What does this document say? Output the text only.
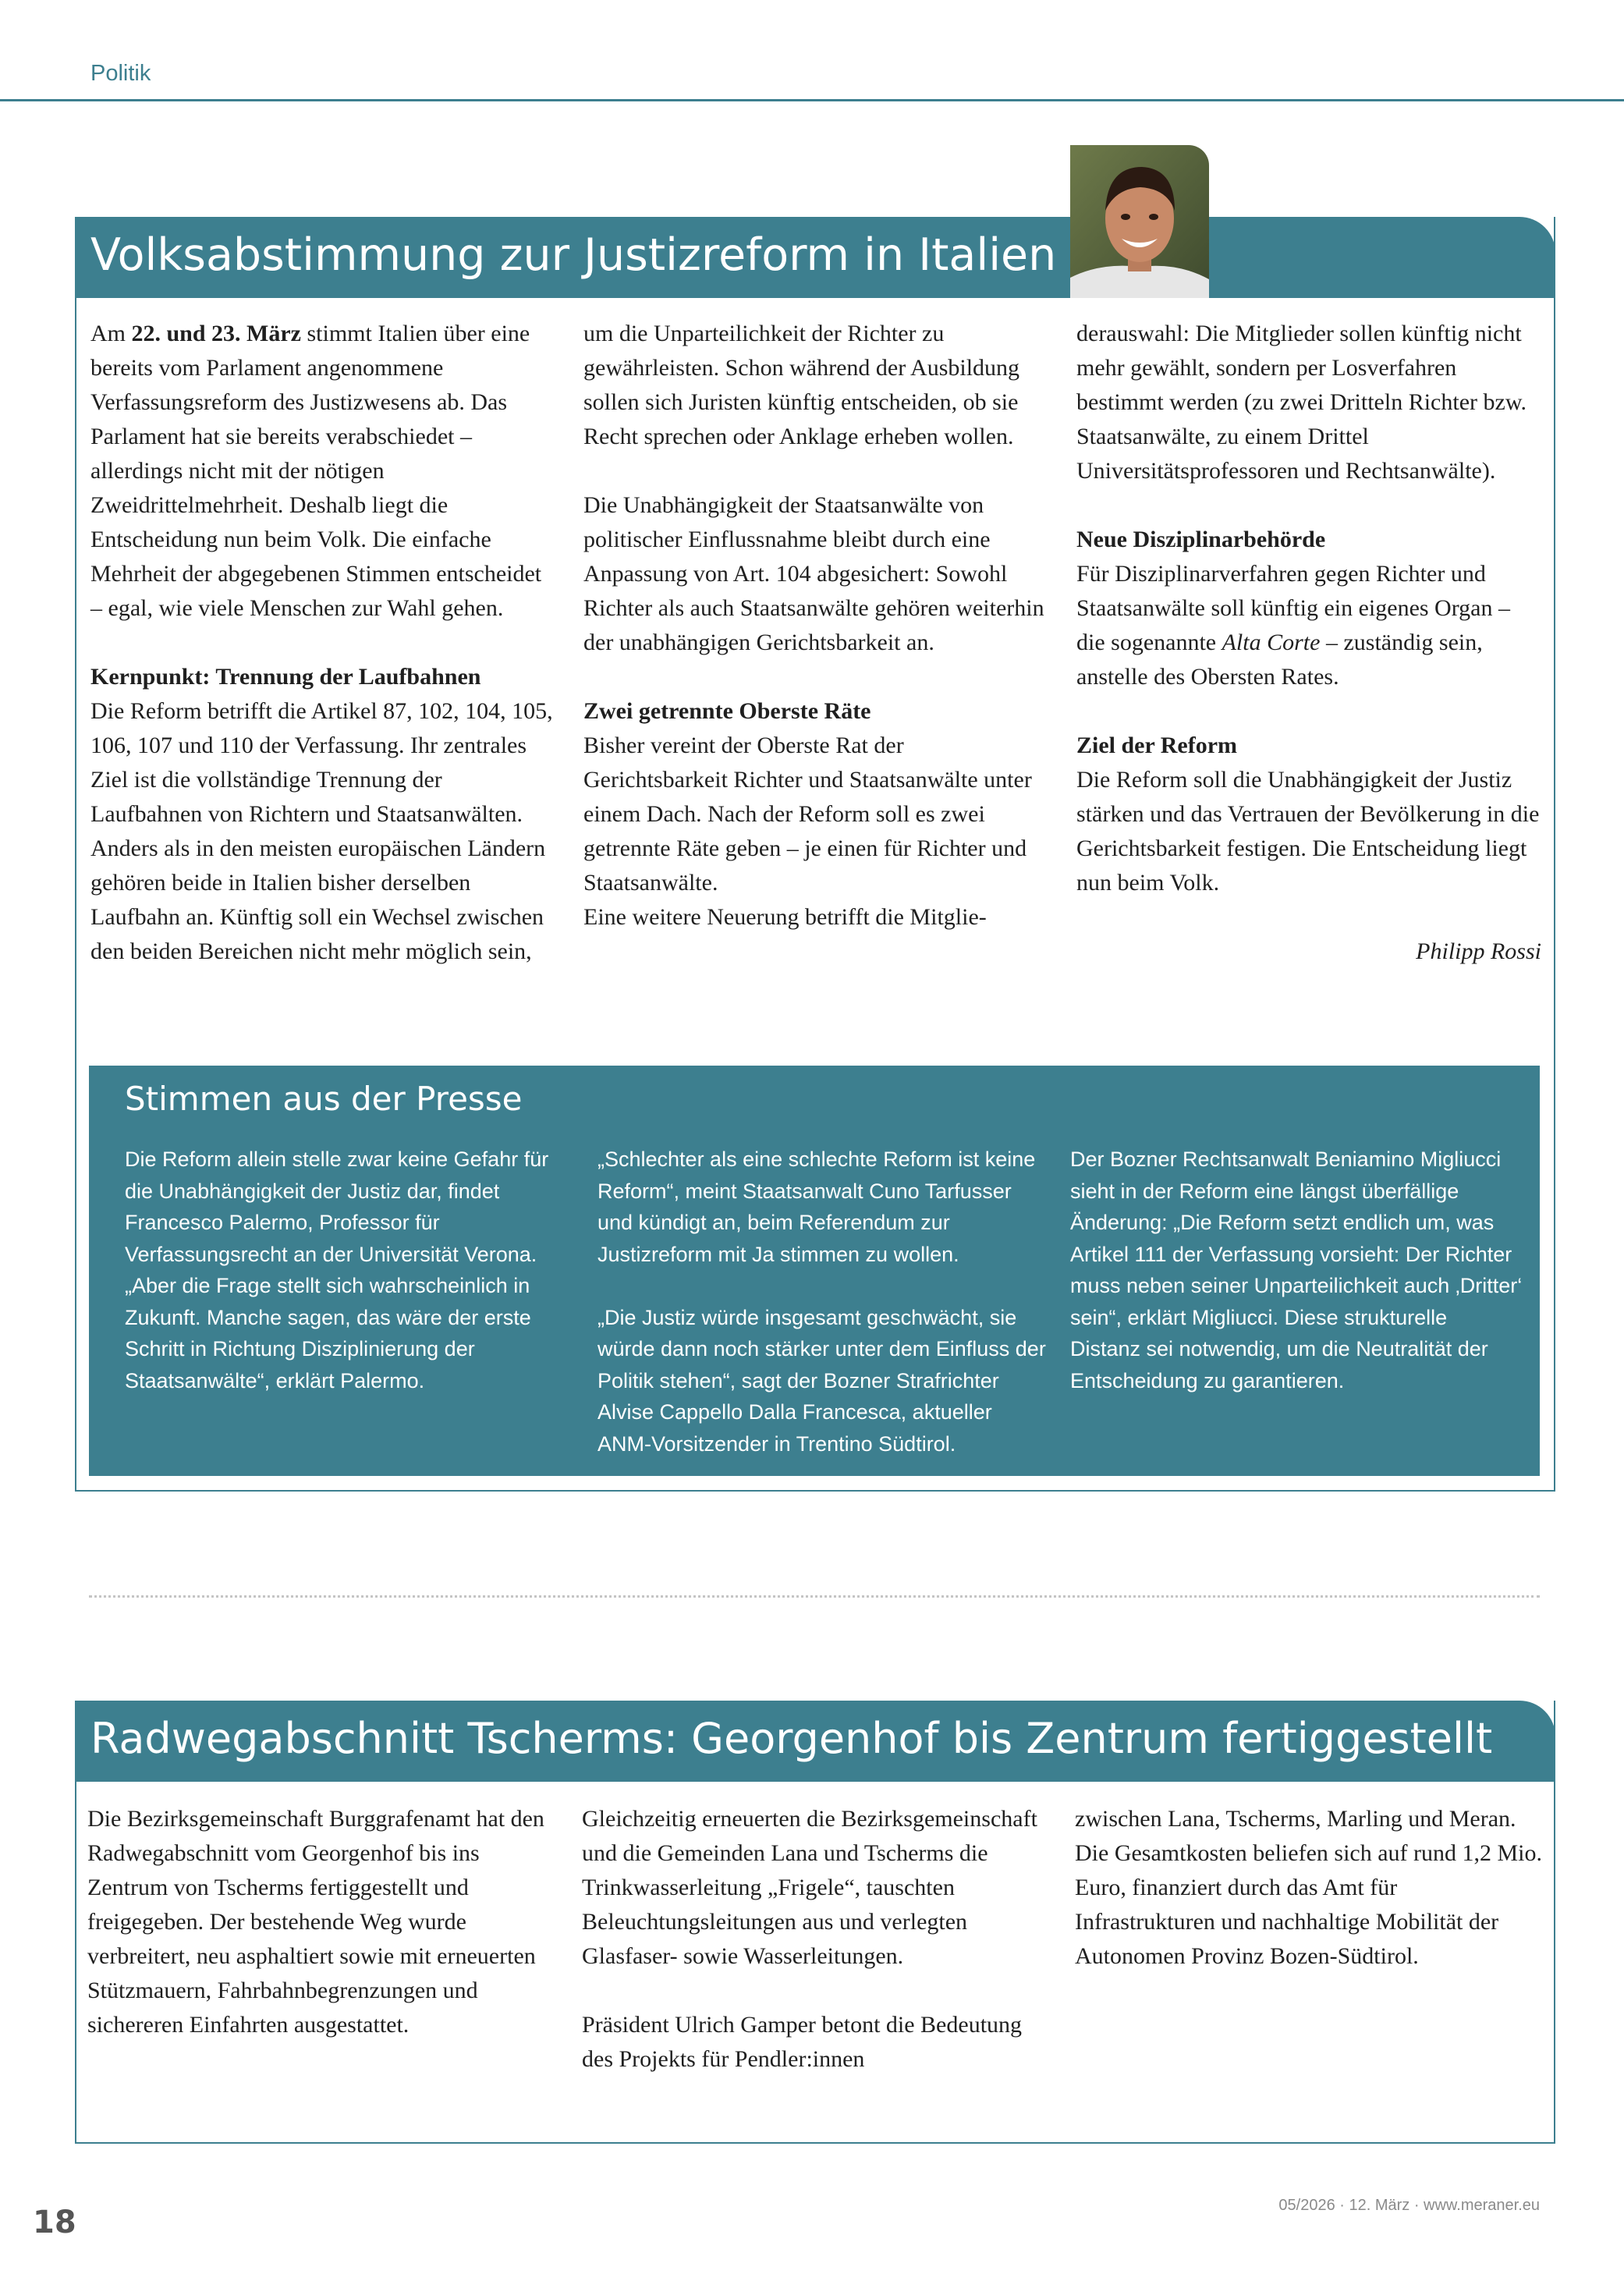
Politik
Volksabstimmung zur Justizreform in Italien

Am 22. und 23. März stimmt Italien über eine bereits vom Parlament angenommene Verfassungsreform des Justizwesens ab. Das Parlament hat sie bereits verabschiedet – allerdings nicht mit der nötigen Zweidrittelmehrheit. Deshalb liegt die Entscheidung nun beim Volk. Die einfache Mehrheit der abgegebenen Stimmen entscheidet – egal, wie viele Menschen zur Wahl gehen.

Kernpunkt: Trennung der Laufbahnen

Die Reform betrifft die Artikel 87, 102, 104, 105, 106, 107 und 110 der Verfassung. Ihr zentrales Ziel ist die vollständige Trennung der Laufbahnen von Richtern und Staatsanwälten. Anders als in den meisten europäischen Ländern gehören beide in Italien bisher derselben Laufbahn an. Künftig soll ein Wechsel zwischen den beiden Bereichen nicht mehr möglich sein,

um die Unparteilichkeit der Richter zu gewährleisten. Schon während der Ausbildung sollen sich Juristen künftig entscheiden, ob sie Recht sprechen oder Anklage erheben wollen.

Die Unabhängigkeit der Staatsanwälte von politischer Einflussnahme bleibt durch eine Anpassung von Art. 104 abgesichert: Sowohl Richter als auch Staatsanwälte gehören weiterhin der unabhängigen Gerichtsbarkeit an.

Zwei getrennte Oberste Räte

Bisher vereint der Oberste Rat der Gerichtsbarkeit Richter und Staatsanwälte unter einem Dach. Nach der Reform soll es zwei getrennte Räte geben – je einen für Richter und Staatsanwälte.

Eine weitere Neuerung betrifft die Mitglie-

derauswahl: Die Mitglieder sollen künftig nicht mehr gewählt, sondern per Losverfahren bestimmt werden (zu zwei Dritteln Richter bzw. Staatsanwälte, zu einem Drittel Universitätsprofessoren und Rechtsanwälte).

Neue Disziplinarbehörde

Für Disziplinarverfahren gegen Richter und Staatsanwälte soll künftig ein eigenes Organ – die sogenannte Alta Corte – zuständig sein, anstelle des Obersten Rates.

Ziel der Reform

Die Reform soll die Unabhängigkeit der Justiz stärken und das Vertrauen der Bevölkerung in die Gerichtsbarkeit festigen. Die Entscheidung liegt nun beim Volk.

Philipp Rossi

Stimmen aus der Presse

Die Reform allein stelle zwar keine Gefahr für die Unabhängigkeit der Justiz dar, findet Francesco Palermo, Professor für Verfassungsrecht an der Universität Verona. „Aber die Frage stellt sich wahrscheinlich in Zukunft. Manche sagen, das wäre der erste Schritt in Richtung Disziplinierung der Staatsanwälte“, erklärt Palermo.

„Schlechter als eine schlechte Reform ist keine Reform“, meint Staatsanwalt Cuno Tarfusser und kündigt an, beim Referendum zur Justizreform mit Ja stimmen zu wollen.

„Die Justiz würde insgesamt geschwächt, sie würde dann noch stärker unter dem Einfluss der Politik stehen“, sagt der Bozner Strafrichter Alvise Cappello Dalla Francesca, aktueller ANM-Vorsitzender in Trentino Südtirol.

Der Bozner Rechtsanwalt Beniamino Migliucci sieht in der Reform eine längst überfällige Änderung: „Die Reform setzt endlich um, was Artikel 111 der Verfassung vorsieht: Der Richter muss neben seiner Unparteilichkeit auch ‚Dritter‘ sein“, erklärt Migliucci. Diese strukturelle Distanz sei notwendig, um die Neutralität der Entscheidung zu garantieren.

Radwegabschnitt Tscherms: Georgenhof bis Zentrum fertiggestellt

Die Bezirksgemeinschaft Burggrafenamt hat den Radwegabschnitt vom Georgenhof bis ins Zentrum von Tscherms fertiggestellt und freigegeben. Der bestehende Weg wurde verbreitert, neu asphaltiert sowie mit erneuerten Stützmauern, Fahrbahnbegrenzungen und sichereren Einfahrten ausgestattet.

Gleichzeitig erneuerten die Bezirksgemeinschaft und die Gemeinden Lana und Tscherms die Trinkwasserleitung „Frigele“, tauschten Beleuchtungsleitungen aus und verlegten Glasfaser- sowie Wasserleitungen.

Präsident Ulrich Gamper betont die Bedeutung des Projekts für Pendler:innen

zwischen Lana, Tscherms, Marling und Meran. Die Gesamtkosten beliefen sich auf rund 1,2 Mio. Euro, finanziert durch das Amt für Infrastrukturen und nachhaltige Mobilität der Autonomen Provinz Bozen-Südtirol.

18	05/2026 · 12. März · www.meraner.eu
